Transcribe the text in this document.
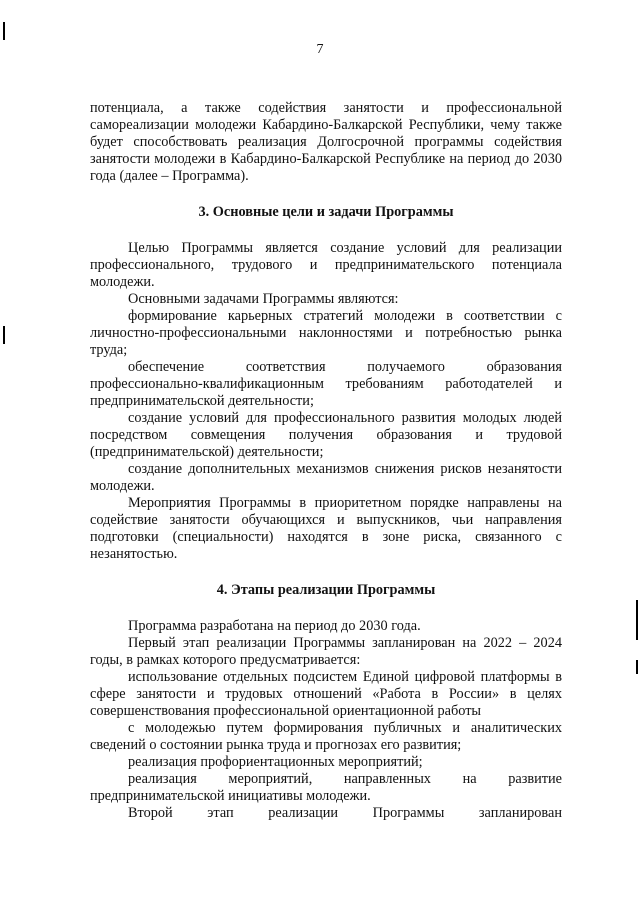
7

потенциала, а также содействия занятости и профессиональной самореализации молодежи Кабардино-Балкарской Республики, чему также будет способствовать реализация Долгосрочной программы содействия занятости молодежи в Кабардино-Балкарской Республике на период до 2030 года (далее – Программа).

3. Основные цели и задачи Программы

Целью Программы является создание условий для реализации профессионального, трудового и предпринимательского потенциала молодежи.

Основными задачами Программы являются:

формирование карьерных стратегий молодежи в соответствии с личностно-профессиональными наклонностями и потребностью рынка труда;

обеспечение соответствия получаемого образования профессионально-квалификационным требованиям работодателей и предпринимательской деятельности;

создание условий для профессионального развития молодых людей посредством совмещения получения образования и трудовой (предпринимательской) деятельности;

создание дополнительных механизмов снижения рисков незанятости молодежи.

Мероприятия Программы в приоритетном порядке направлены на содействие занятости обучающихся и выпускников, чьи направления подготовки (специальности) находятся в зоне риска, связанного с незанятостью.

4. Этапы реализации Программы

Программа разработана на период до 2030 года.

Первый этап реализации Программы запланирован на 2022 – 2024 годы, в рамках которого предусматривается:

использование отдельных подсистем Единой цифровой платформы в сфере занятости и трудовых отношений «Работа в России» в целях совершенствования профессиональной ориентационной работы

с молодежью путем формирования публичных и аналитических сведений о состоянии рынка труда и прогнозах его развития;

реализация профориентационных мероприятий;

реализация мероприятий, направленных на развитие предпринимательской инициативы молодежи.

Второй этап реализации Программы запланирован
